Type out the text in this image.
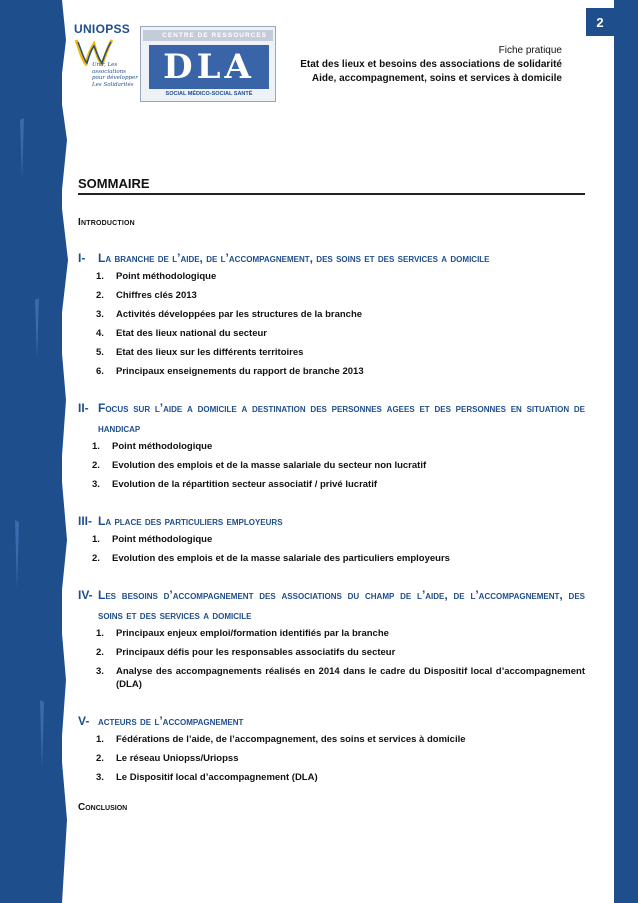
2
UNIOPSS
Unir, Les associations pour développer Les Solidarités
CENTRE DE RESSOURCES
DLA
SOCIAL MÉDICO-SOCIAL SANTÉ
Fiche pratique
Etat des lieux et besoins des associations de solidarité
Aide, accompagnement, soins et services à domicile
SOMMAIRE
Introduction
I-	La branche de l’aide, de l’accompagnement, des soins et des services a domicile
1.	Point méthodologique
2.	Chiffres clés 2013
3.	Activités développées par les structures de la branche
4.	Etat des lieux national du secteur
5.	Etat des lieux sur les différents territoires
6.	Principaux enseignements du rapport de branche 2013
II- Focus sur l’aide a domicile a destination des personnes agees et des personnes en situation de handicap
1.	Point méthodologique
2.	Evolution des emplois et de la masse salariale du secteur non lucratif
3.	Evolution de la répartition secteur associatif / privé lucratif
III- La place des particuliers employeurs
1.	Point méthodologique
2.	Evolution des emplois et de la masse salariale des particuliers employeurs
IV- Les besoins d’accompagnement des associations du champ de l’aide, de l’accompagnement, des soins et des services a domicile
1.	Principaux enjeux emploi/formation identifiés par la branche
2.	Principaux défis pour les responsables associatifs du secteur
3.	Analyse des accompagnements réalisés en 2014 dans le cadre du Dispositif local d’accompagnement (DLA)
V- acteurs de l’accompagnement
1.	Fédérations de l’aide, de l’accompagnement, des soins et services à domicile
2.	Le réseau Uniopss/Uriopss
3.	Le Dispositif local d’accompagnement (DLA)
Conclusion
